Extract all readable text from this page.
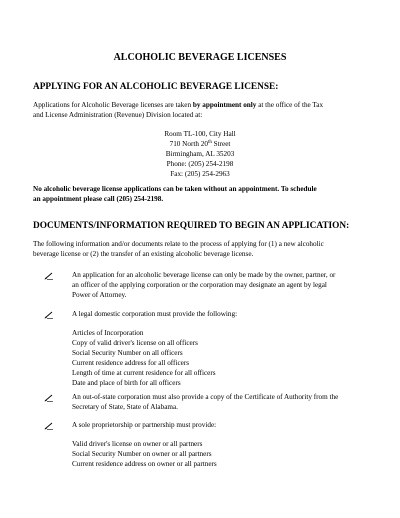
ALCOHOLIC BEVERAGE LICENSES
APPLYING FOR AN ALCOHOLIC BEVERAGE LICENSE:
Applications for Alcoholic Beverage licenses are taken by appointment only at the office of the Tax
and License Administration (Revenue) Division located at:
Room TL-100, City Hall
710 North 20th Street
Birmingham, AL 35203
Phone: (205) 254-2198
Fax: (205) 254-2963
No alcoholic beverage license applications can be taken without an appointment. To schedule
an appointment please call (205) 254-2198.
DOCUMENTS/INFORMATION REQUIRED TO BEGIN AN APPLICATION:
The following information and/or documents relate to the process of applying for (1) a new alcoholic
beverage license or (2) the transfer of an existing alcoholic beverage license.
An application for an alcoholic beverage license can only be made by the owner, partner, or
an officer of the applying corporation or the corporation may designate an agent by legal
Power of Attorney.
A legal domestic corporation must provide the following:
Articles of Incorporation
Copy of valid driver's license on all officers
Social Security Number on all officers
Current residence address for all officers
Length of time at current residence for all officers
Date and place of birth for all officers
An out-of-state corporation must also provide a copy of the Certificate of Authority from the
Secretary of State, State of Alabama.
A sole proprietorship or partnership must provide:
Valid driver's license on owner or all partners
Social Security Number on owner or all partners
Current residence address on owner or all partners
